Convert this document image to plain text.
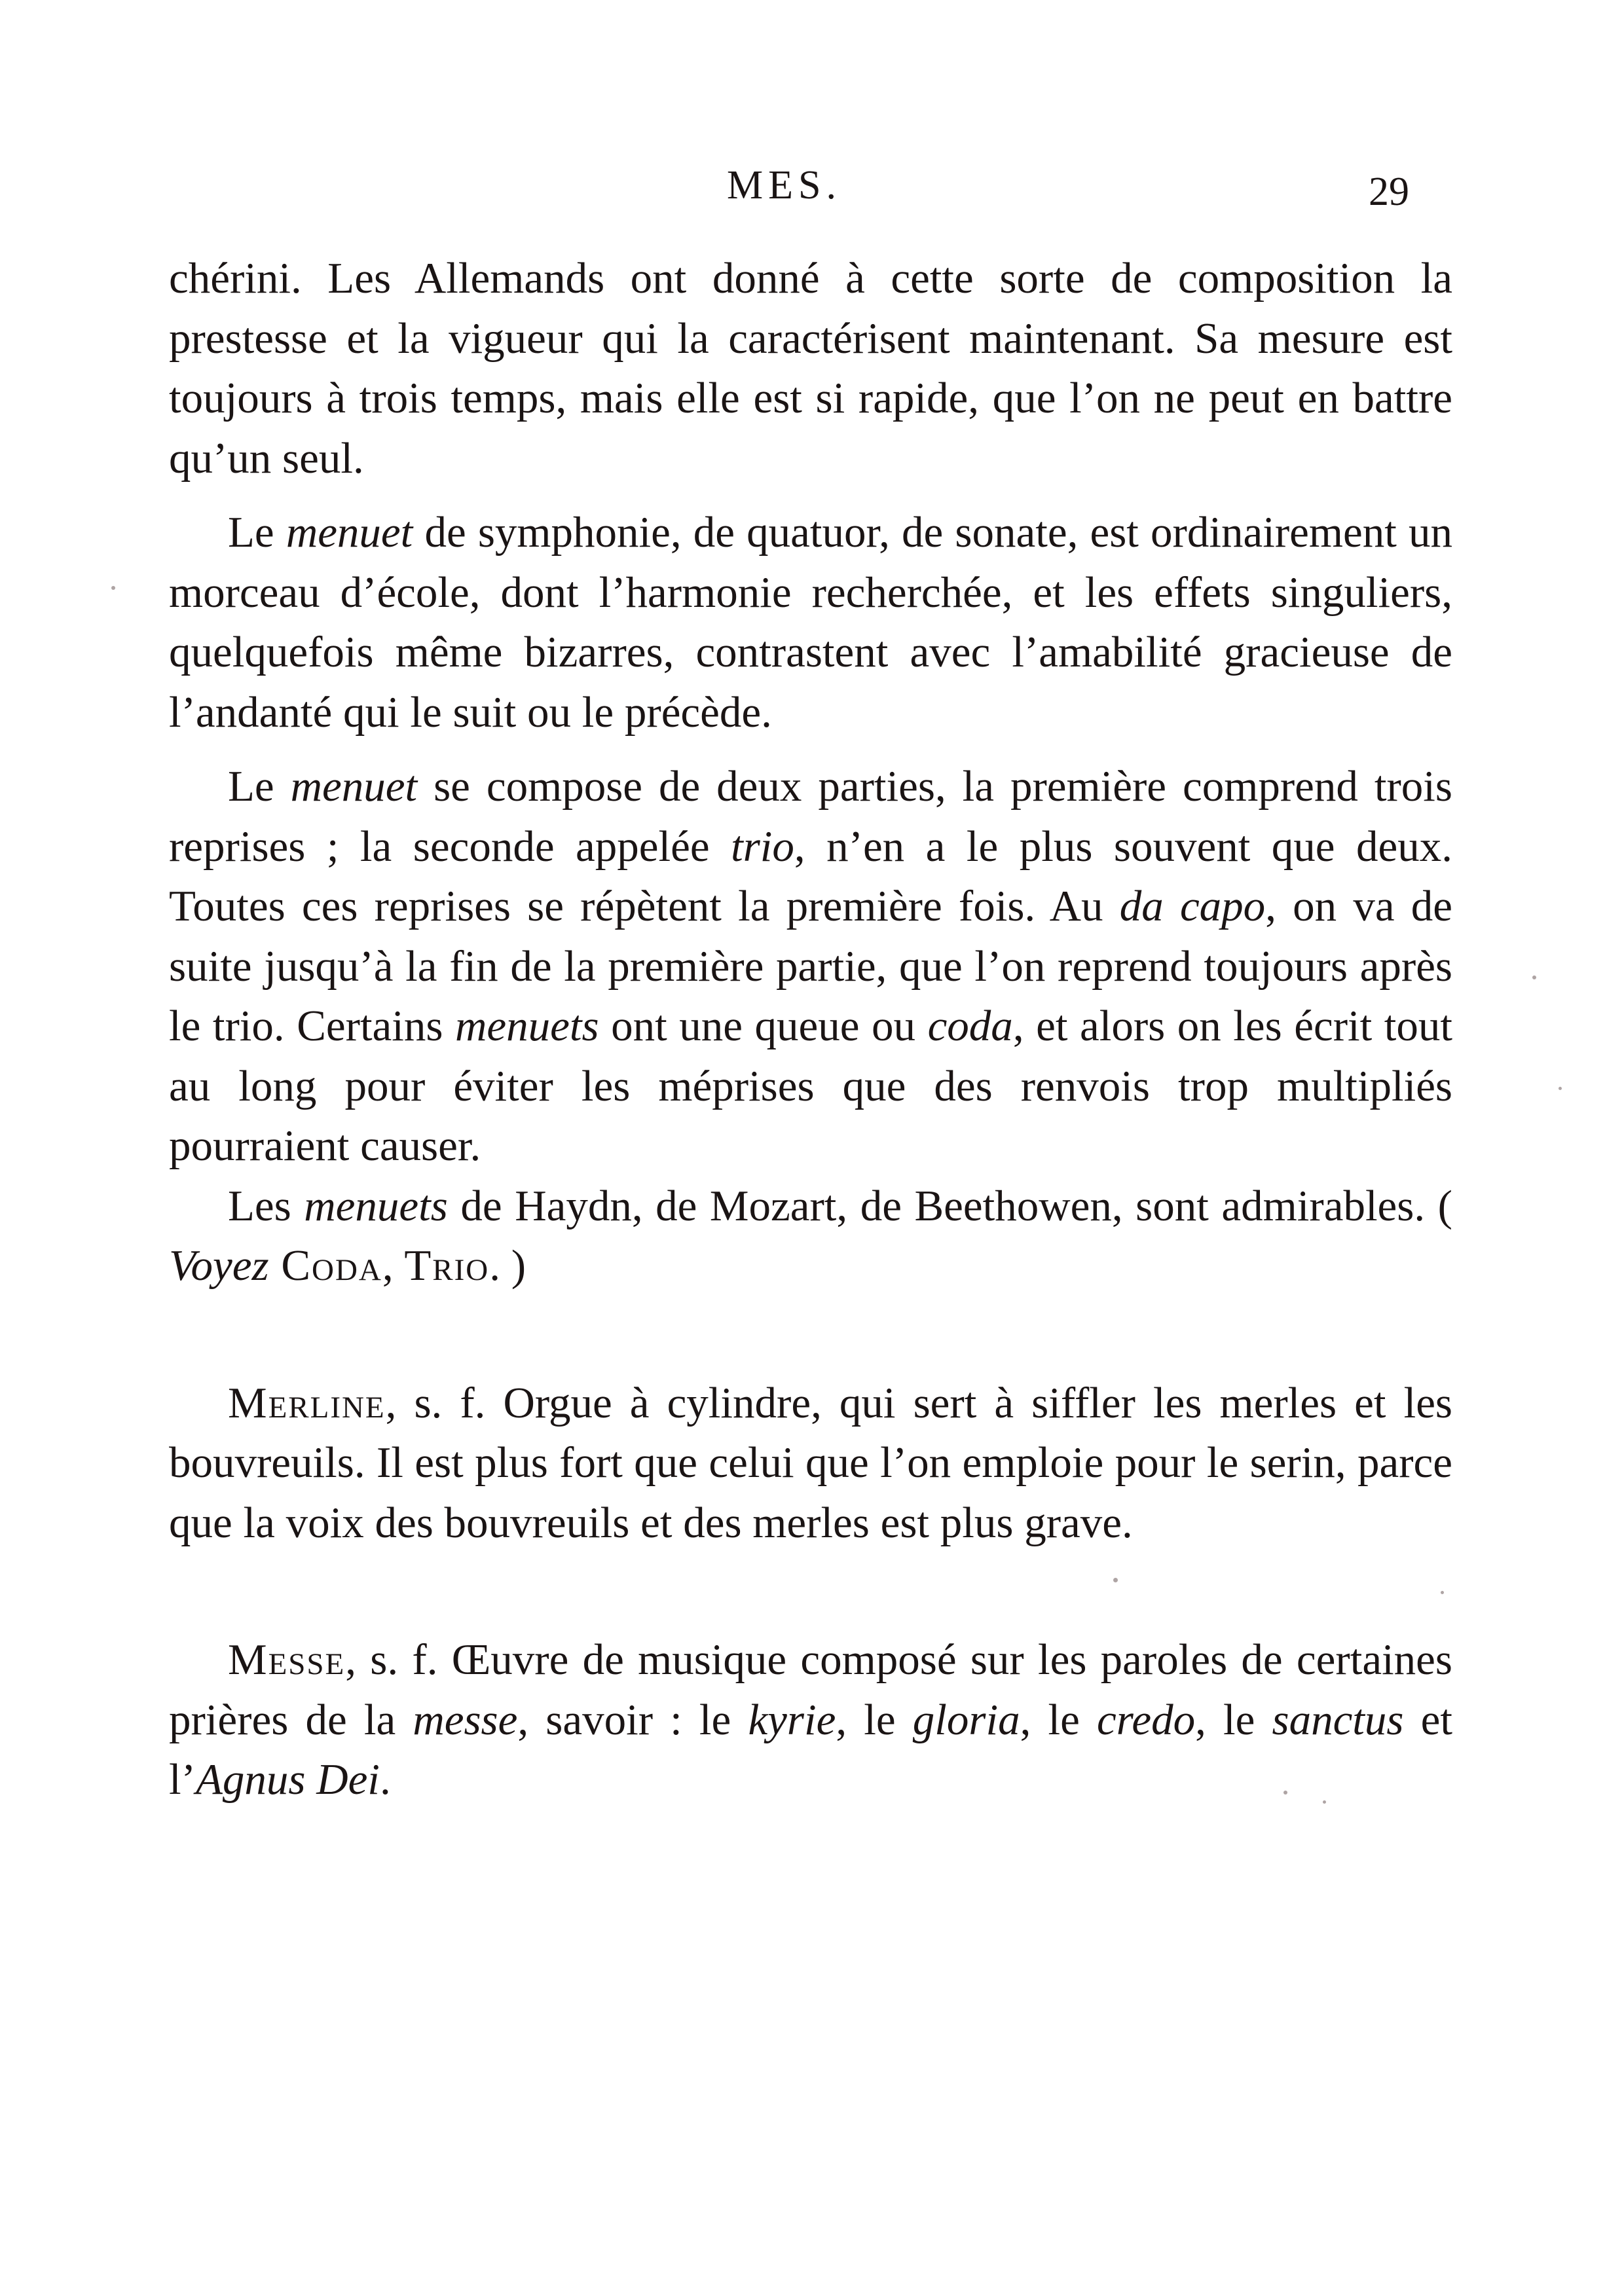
MES.	29

chérini. Les Allemands ont donné à cette sorte de composition la prestesse et la vigueur qui la caractérisent maintenant. Sa mesure est toujours à trois temps, mais elle est si rapide, que l’on ne peut en battre qu’un seul.

Le menuet de symphonie, de quatuor, de sonate, est ordinairement un morceau d’école, dont l’harmonie recherchée, et les effets singuliers, quelquefois même bizarres, contrastent avec l’amabilité gracieuse de l’andanté qui le suit ou le précède.

Le menuet se compose de deux parties, la première comprend trois reprises ; la seconde appelée trio, n’en a le plus souvent que deux. Toutes ces reprises se répètent la première fois. Au da capo, on va de suite jusqu’à la fin de la première partie, que l’on reprend toujours après le trio. Certains menuets ont une queue ou coda, et alors on les écrit tout au long pour éviter les méprises que des renvois trop multipliés pourraient causer.

Les menuets de Haydn, de Mozart, de Beethowen, sont admirables. ( Voyez Coda, Trio. )

Merline, s. f. Orgue à cylindre, qui sert à siffler les merles et les bouvreuils. Il est plus fort que celui que l’on emploie pour le serin, parce que la voix des bouvreuils et des merles est plus grave.

Messe, s. f. Œuvre de musique composé sur les paroles de certaines prières de la messe, savoir : le kyrie, le gloria, le credo, le sanctus et l’Agnus Dei.
